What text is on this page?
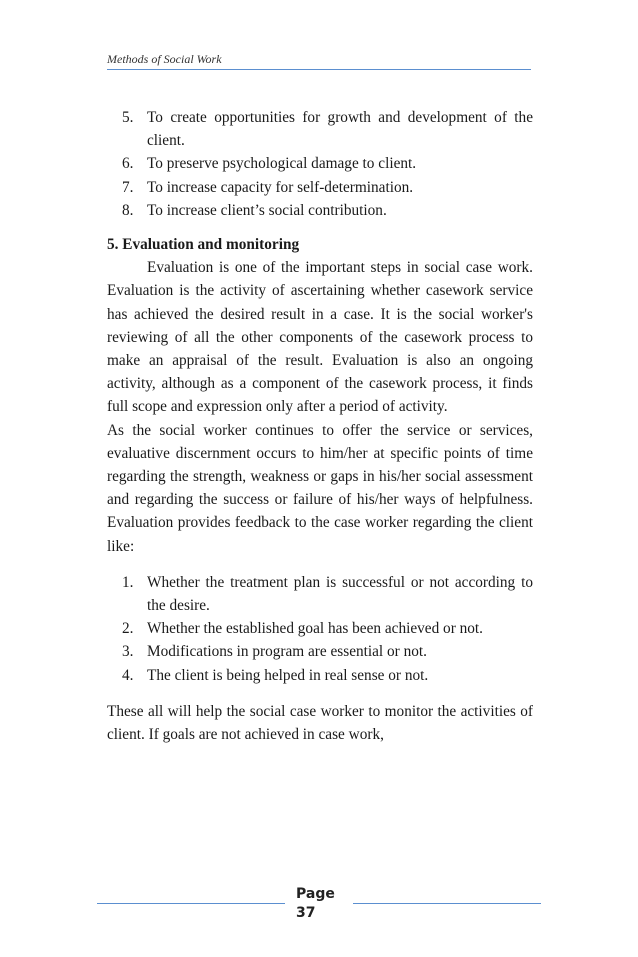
Methods of Social Work
5. To create opportunities for growth and development of the client.
6. To preserve psychological damage to client.
7. To increase capacity for self-determination.
8. To increase client’s social contribution.

5. Evaluation and monitoring

Evaluation is one of the important steps in social case work. Evaluation is the activity of ascertaining whether casework service has achieved the desired result in a case. It is the social worker's reviewing of all the other components of the casework process to make an appraisal of the result. Evaluation is also an ongoing activity, although as a component of the casework process, it finds full scope and expression only after a period of activity.

As the social worker continues to offer the service or services, evaluative discernment occurs to him/her at specific points of time regarding the strength, weakness or gaps in his/her social assessment and regarding the success or failure of his/her ways of helpfulness. Evaluation provides feedback to the case worker regarding the client like:

1. Whether the treatment plan is successful or not according to the desire.
2. Whether the established goal has been achieved or not.
3. Modifications in program are essential or not.
4. The client is being helped in real sense or not.

These all will help the social case worker to monitor the activities of client. If goals are not achieved in case work,

Page
37
